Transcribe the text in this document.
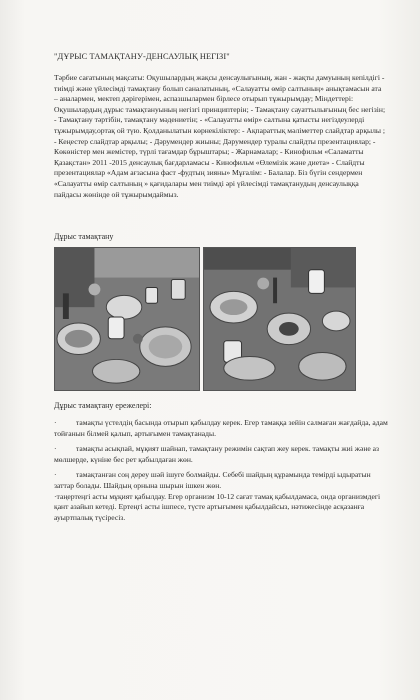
"ДҰРЫС ТАМАҚТАНУ-ДЕНСАУЛЫҚ НЕГІЗІ"
Тәрбие сағатының мақсаты: Оқушылардың жақсы денсаулығының, жан - жақты дамуының кепілдігі - тиімді және үйлесімді тамақтану болып саналатының, «Салауатты өмір салтының» анықтамасын ата – аналармен, мектеп дәрігерімен, аспазшылармен бірлесе отырып тұжырымдау; Міндеттері: Оқушылардың дұрыс тамақтануының негізгі принциптерін; - Тамақтану сауаттылығының бес негізін; - Тамақтану тәртібін, тамақтану мәдениетін; - «Салауатты өмір» салтына қатысты негіздеулерді тұжырымдау,ортақ ой түю. Қолданылатын көрнекіліктер: - Ақпараттық мәліметтер слайдтар арқылы ; - Кеңестер слайдтар арқылы; - Дәрумендер жиыны; Дәрумендер туралы слайдты презентациялар; - Көкөністер мен жемістер, түрлі тағамдар бұрыштары; - Жарнамалар; - Кинофильм «Саламатты Қазақстан» 2011 -2015 денсаулық бағдарламасы - Кинофильм «Өлемізік және диета» - Слайдты презентациялар «Адам ағзасына фаст -фудтың зияны» Мұғалім: - Балалар. Біз бүгін сендермен «Салауатты өмір салтының » қағидалары мен тиімді әрі үйлесімді тамақтанудың денсаулыққа пайдасы жөнінде ой тұжырымдаймыз.
Дұрыс тамақтану
Дұрыс тамақтану ережелері:
·	тамақты үстелдің басында отырып қабылдау керек. Егер тамаққа зейін салмаған жағдайда, адам тойғанын білмей қалып, артығымен тамақтанады.
·	тамақты асықпай, мұқият шайнап, тамақтану режимін сақтап жеу керек. тамақты жиі және аз мөлшерде, күніне бес рет қабылдаған жөн.
·	тамақтанған соң дереу шәй ішуге болмайды. Себебі шайдың құрамында темірді ыдыратын заттар болады. Шайдың орнына шырын ішкен жөн.
·таңертеңгі асты мұқият қабылдау. Егер организм 10-12 сағат тамақ қабылдамаса, онда организмдегі қант азайып кетеді. Ертеңгі асты ішпесе, түсте артығымен қабылдайсыз, нәтижесінде асқазанға ауыртпалық түсіресіз.
